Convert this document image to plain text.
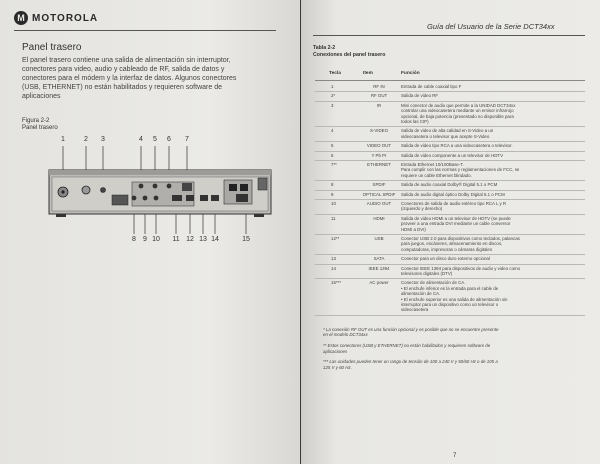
M MOTOROLA
Panel trasero
El panel trasero contiene una salida de alimentación sin interruptor,
conectores para video, audio y cableado de RF, salida de datos y
conectores para el módem y la interfaz de datos. Algunos conectores
(USB, ETHERNET) no están habilitados y requieren software de
aplicaciones
Figura 2-2
Panel trasero
1	2	3	4	5	6	7
8	9 10	11 12 13 14	15
Guía del Usuario de la Serie DCT34xx
Tabla 2-2
Conexiones del panel trasero
Tecla	Item	Función
7
1	RF IN	Entrada de cable coaxial tipo F
2*	RF OUT	Salida de video RF
3	IR	Mini conector de audio que permite a la UNIDAD DCT34xx
controlar una videocasetera mediante un emisor infrarrojo
opcional, de baja potencia (presentado no disponible para
todos las CIP)
4	S-VIDEO	Salida de video de alta calidad en S-Video a un
videocasetera o televisor que acepte S-Video
5	VIDEO OUT	Salida de video tipo RCA a una videocasetera o televisor.
6	Y Pb Pr	Salida de video componente a un televisor de HDTV
7**	ETHERNET	Entrada Ethernet 10/100Base-T.
Para cumplir con las normas y reglamentaciones de FCC, se
requiere un cable Ethernet blindado.
8	SPDIF	Salida de audio coaxial Dolby® Digital 5.1 o PCM
9	OPTICAL SPDIF	Salida de audio digital óptico Dolby Digital 5.1 o PCM
10	AUDIO OUT	Conectores de salida de audio estéreo tipo RCA L y R
(izquierdo y derecho)
11	HDMI	Salida de video HDMI a un televisor de HDTV (se puede
proveer a una entrada DVI mediante un cable conversor
HDMI a DVI)
12**	USB	Conector USB 2.0 para dispositivos como teclados, palancas
para juegos, escáneres, almacenamiento en discos,
computadoras, impresoras o cámaras digitales
13	SATA	Conector para un disco duro externo opcional
14	IEEE 1394	Conector IEEE 1394 para dispositivos de audio y video como
televisores digitales (DTV)
15***	AC power	Conector de alimentación de CA.
• El enchufe inferior es la entrada para el cable de
alimentación de CA.
• El enchufe superior es una salida de alimentación sin
interruptor para un dispositivo como un televisor o
videocasetera
* La conexión RF OUT es una función opcional y es posible que no se encuentre presente
en el modelo DCT34xx
** Estos conectores (USB y ETHERNET) no están habilitados y requieren software de
aplicaciones
*** Las unidades pueden tener un rango de tensión de 100 a 240 V y 50/60 Hz o de 105 a
125 V y 60 Hz.
